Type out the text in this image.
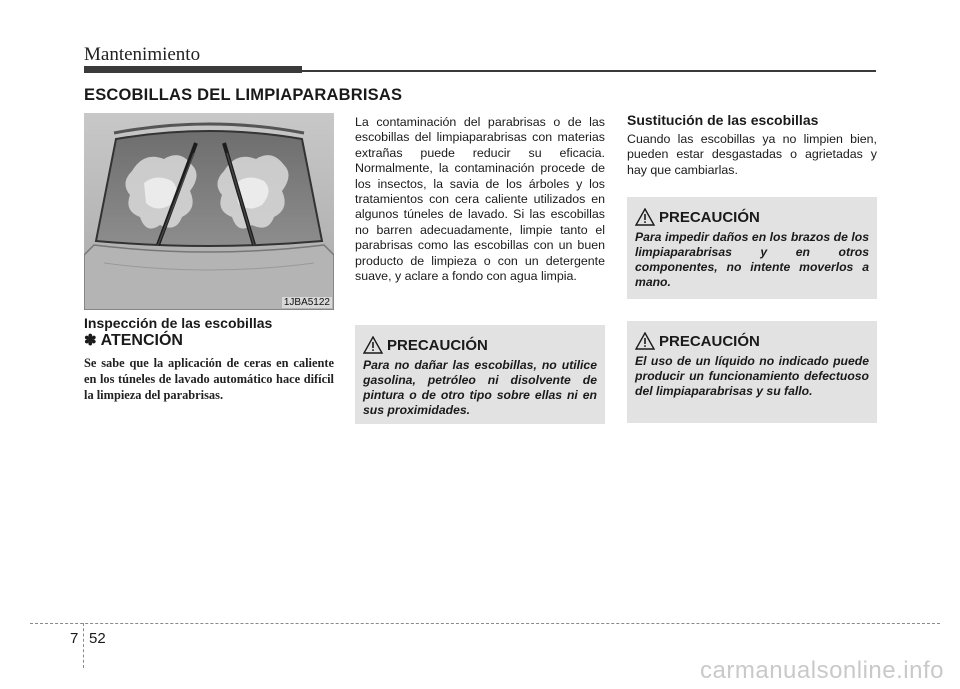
Mantenimiento
ESCOBILLAS DEL LIMPIAPARABRISAS
1JBA5122
Inspección de las escobillas
✽ ATENCIÓN
Se sabe que la aplicación de ceras en caliente en los túneles de lavado automático hace difícil la limpieza del parabrisas.
La contaminación del parabrisas o de las escobillas del limpiaparabrisas con materias extrañas puede reducir su eficacia. Normalmente, la contaminación procede de los insectos, la savia de los árboles y los tratamientos con cera caliente utilizados en algunos túneles de lavado. Si las escobillas no barren adecuadamente, limpie tanto el parabrisas como las escobillas con un buen producto de limpieza o con un detergente suave, y aclare a fondo con agua limpia.
PRECAUCIÓN
Para no dañar las escobillas, no utilice gasolina, petróleo ni disolvente de pintura o de otro tipo sobre ellas ni en sus proximidades.
Sustitución de las escobillas
Cuando las escobillas ya no limpien bien, pueden estar desgastadas o agrietadas y hay que cambiarlas.
PRECAUCIÓN
Para impedir daños en los brazos de los limpiaparabrisas y en otros componentes, no intente moverlos a mano.
PRECAUCIÓN
El uso de un líquido no indicado puede producir un funcionamiento defectuoso del limpiaparabrisas y su fallo.
7 52
carmanualsonline.info
